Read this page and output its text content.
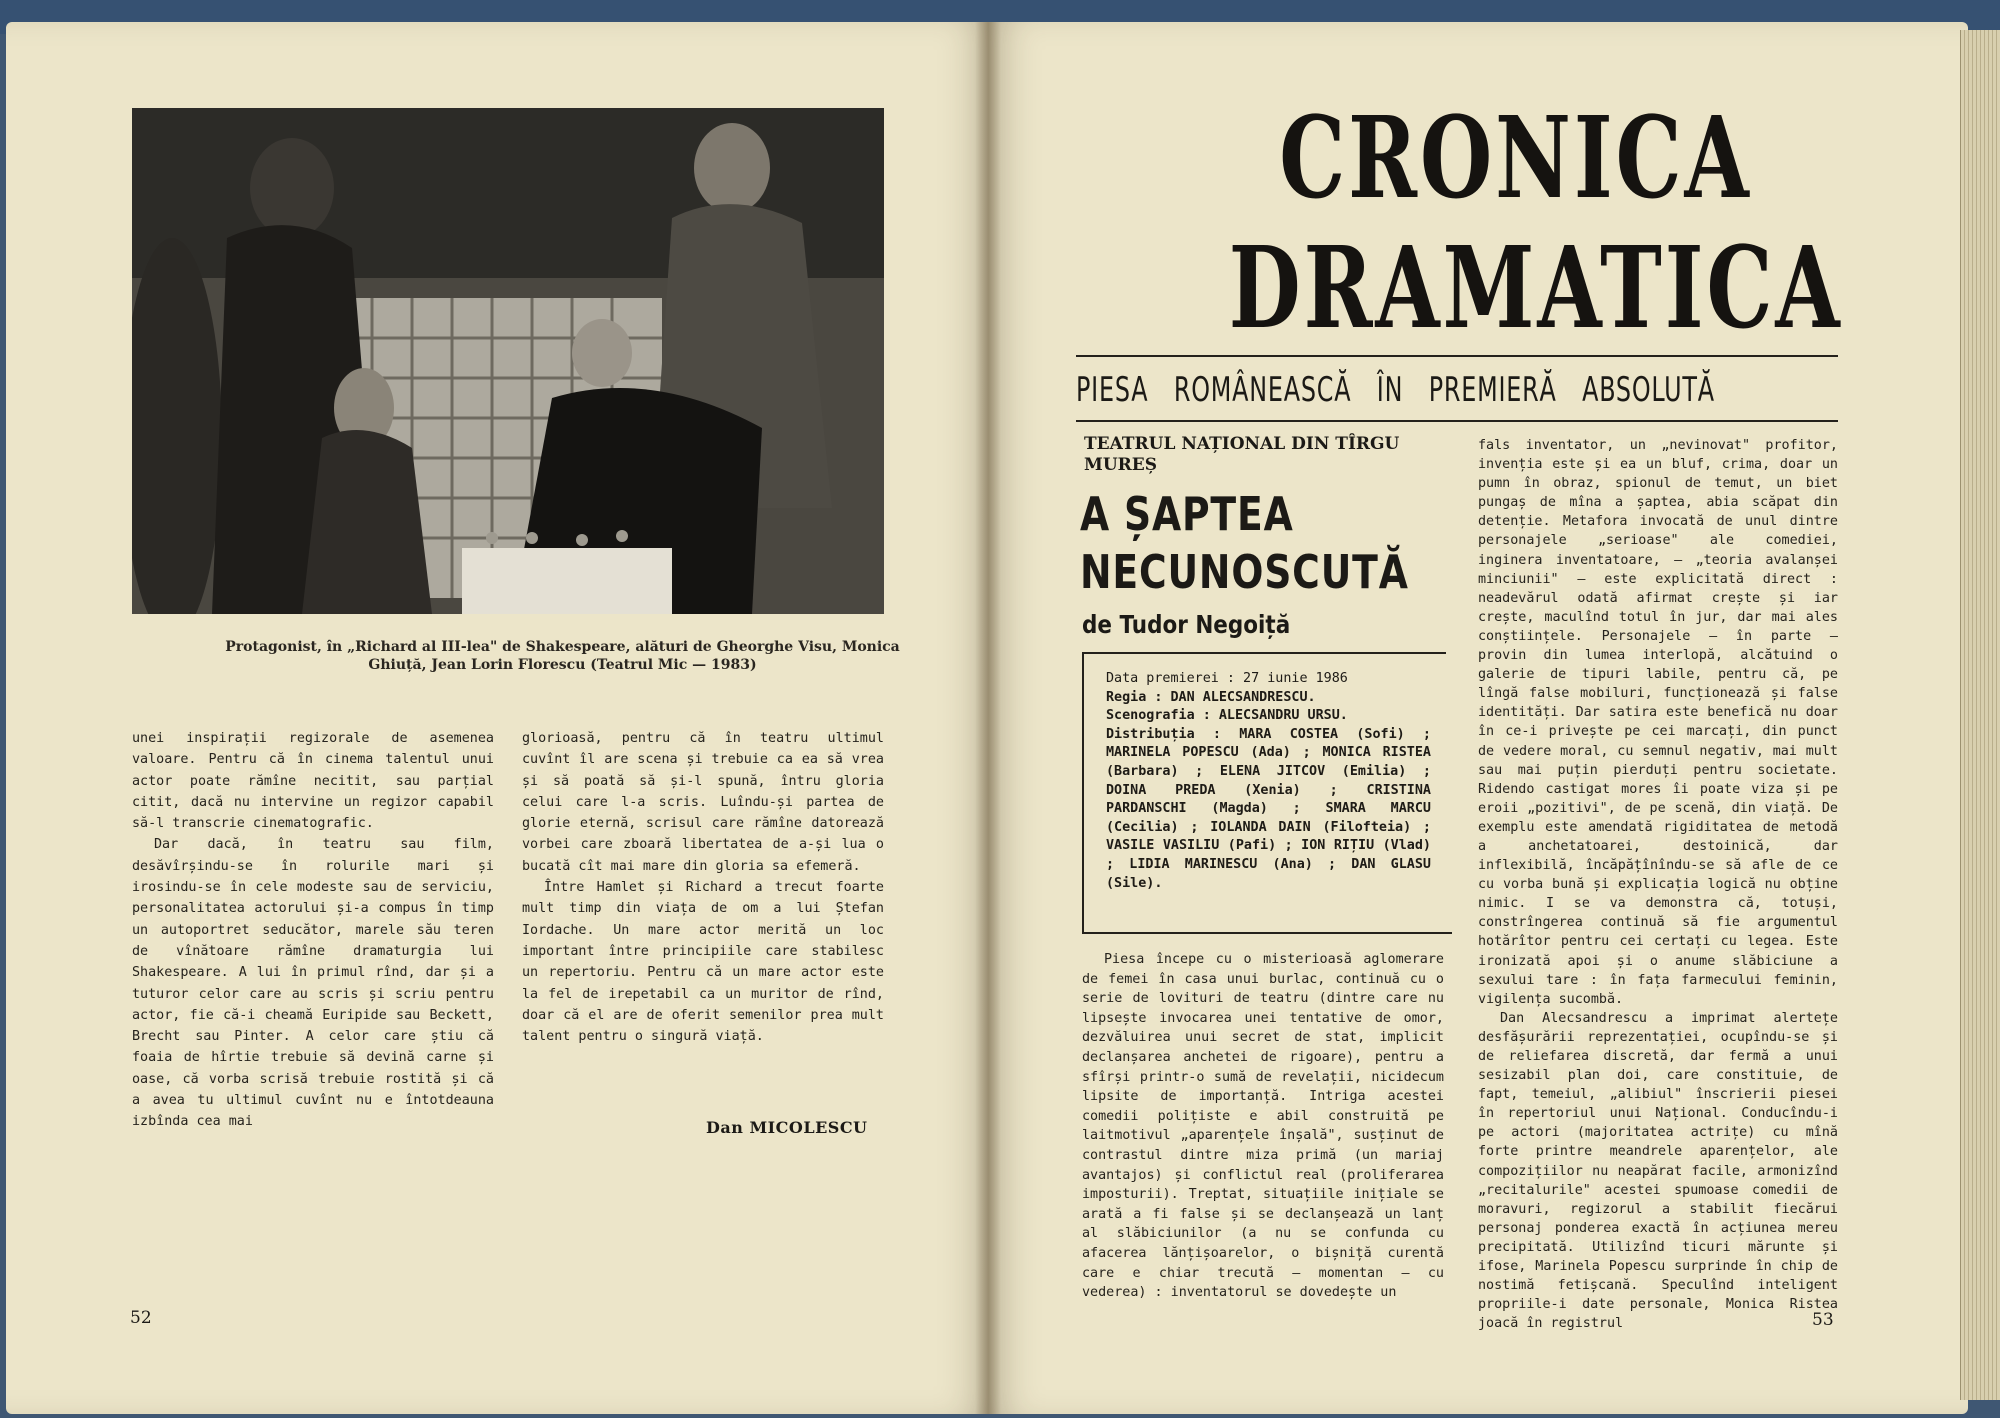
Protagonist, în „Richard al III-lea" de Shakespeare, alături de Gheorghe Visu, Monica Ghiuță, Jean Lorin Florescu (Teatrul Mic — 1983)

unei inspirații regizorale de asemenea valoare. Pentru că în cinema talentul unui actor poate rămîne necitit, sau parțial citit, dacă nu intervine un regizor capabil să-l transcrie cinematografic.

Dar dacă, în teatru sau film, desăvîrșindu-se în rolurile mari și irosindu-se în cele modeste sau de serviciu, personalitatea actorului și-a compus în timp un autoportret seducător, marele său teren de vînătoare rămîne dramaturgia lui Shakespeare. A lui în primul rînd, dar și a tuturor celor care au scris și scriu pentru actor, fie că-i cheamă Euripide sau Beckett, Brecht sau Pinter. A celor care știu că foaia de hîrtie trebuie să devină carne și oase, că vorba scrisă trebuie rostită și că a avea tu ultimul cuvînt nu e întotdeauna izbînda cea mai

glorioasă, pentru că în teatru ultimul cuvînt îl are scena și trebuie ca ea să vrea și să poată să și-l spună, întru gloria celui care l-a scris. Luîndu-și partea de glorie eternă, scrisul care rămîne datorează vorbei care zboară libertatea de a-și lua o bucată cît mai mare din gloria sa efemeră.

Între Hamlet și Richard a trecut foarte mult timp din viața de om a lui Ștefan Iordache. Un mare actor merită un loc important între principiile care stabilesc un repertoriu. Pentru că un mare actor este la fel de irepetabil ca un muritor de rînd, doar că el are de oferit semenilor prea mult talent pentru o singură viață.

Dan MICOLESCU
52
CRONICA
DRAMATICA
PIESA ROMÂNEASCĂ ÎN PREMIERĂ ABSOLUTĂ
TEATRUL NAȚIONAL DIN TÎRGU MUREȘ
A ȘAPTEA NECUNOSCUTĂ
de Tudor Negoiță
Data premierei : 27 iunie 1986
Regia : DAN ALECSANDRESCU.
Scenografia : ALECSANDRU URSU.
Distribuția : MARA COSTEA (Sofi) ; MARINELA POPESCU (Ada) ; MONICA RISTEA (Barbara) ; ELENA JITCOV (Emilia) ; DOINA PREDA (Xenia) ; CRISTINA PARDANSCHI (Magda) ; SMARA MARCU (Cecilia) ; IOLANDA DAIN (Filofteia) ; VASILE VASILIU (Pafi) ; ION RIȚIU (Vlad) ; LIDIA MARINESCU (Ana) ; DAN GLASU (Sile).

Piesa începe cu o misterioasă aglomerare de femei în casa unui burlac, continuă cu o serie de lovituri de teatru (dintre care nu lipsește invocarea unei tentative de omor, dezvăluirea unui secret de stat, implicit declanșarea anchetei de rigoare), pentru a sfîrși printr-o sumă de revelații, nicidecum lipsite de importanță. Intriga acestei comedii polițiste e abil construită pe laitmotivul „aparențele înșală", susținut de contrastul dintre miza primă (un mariaj avantajos) și conflictul real (proliferarea imposturii). Treptat, situațiile inițiale se arată a fi false și se declanșează un lanț al slăbiciunilor (a nu se confunda cu afacerea lănțișoarelor, o bișniță curentă care e chiar trecută — momentan — cu vederea) : inventatorul se dovedește un

fals inventator, un „nevinovat" profitor, invenția este și ea un bluf, crima, doar un pumn în obraz, spionul de temut, un biet pungaș de mîna a șaptea, abia scăpat din detenție. Metafora invocată de unul dintre personajele „serioase" ale comediei, inginera inventatoare, — „teoria avalanșei minciunii" — este explicitată direct : neadevărul odată afirmat crește și iar crește, maculînd totul în jur, dar mai ales conștiințele. Personajele — în parte — provin din lumea interlopă, alcătuind o galerie de tipuri labile, pentru că, pe lîngă false mobiluri, funcționează și false identități. Dar satira este benefică nu doar în ce-i privește pe cei marcați, din punct de vedere moral, cu semnul negativ, mai mult sau mai puțin pierduți pentru societate. Ridendo castigat mores îi poate viza și pe eroii „pozitivi", de pe scenă, din viață. De exemplu este amendată rigiditatea de metodă a anchetatoarei, destoinică, dar inflexibilă, încăpățînîndu-se să afle de ce cu vorba bună și explicația logică nu obține nimic. I se va demonstra că, totuși, constrîngerea continuă să fie argumentul hotărîtor pentru cei certați cu legea. Este ironizată apoi și o anume slăbiciune a sexului tare : în fața farmecului feminin, vigilența sucombă.

Dan Alecsandrescu a imprimat alertețe desfășurării reprezentației, ocupîndu-se și de reliefarea discretă, dar fermă a unui sesizabil plan doi, care constituie, de fapt, temeiul, „alibiul" înscrierii piesei în repertoriul unui Național. Conducîndu-i pe actori (majoritatea actrițe) cu mînă forte printre meandrele aparențelor, ale compozițiilor nu neapărat facile, armonizînd „recitalurile" acestei spumoase comedii de moravuri, regizorul a stabilit fiecărui personaj ponderea exactă în acțiunea mereu precipitată. Utilizînd ticuri mărunte și ifose, Marinela Popescu surprinde în chip de nostimă fetișcană. Speculînd inteligent propriile-i date personale, Monica Ristea joacă în registrul	53
